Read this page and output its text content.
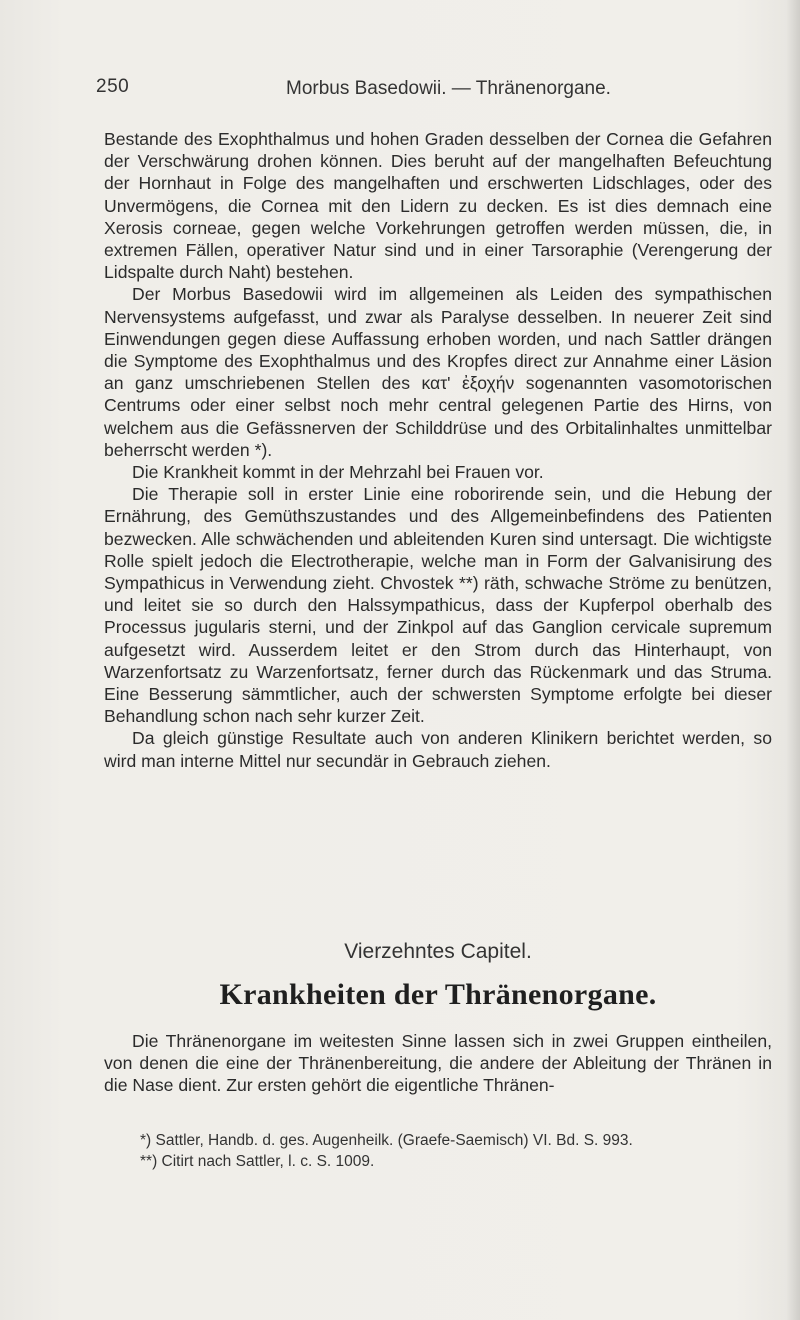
250	Morbus Basedowii. — Thränenorgane.

Bestande des Exophthalmus und hohen Graden desselben der Cornea die Gefahren der Verschwärung drohen können. Dies beruht auf der mangelhaften Befeuchtung der Hornhaut in Folge des mangelhaften und erschwerten Lidschlages, oder des Unvermögens, die Cornea mit den Lidern zu decken. Es ist dies demnach eine Xerosis corneae, gegen welche Vorkehrungen getroffen werden müssen, die, in extremen Fällen, operativer Natur sind und in einer Tarsoraphie (Verengerung der Lidspalte durch Naht) bestehen.

Der Morbus Basedowii wird im allgemeinen als Leiden des sympathischen Nervensystems aufgefasst, und zwar als Paralyse desselben. In neuerer Zeit sind Einwendungen gegen diese Auffassung erhoben worden, und nach Sattler drängen die Symptome des Exophthalmus und des Kropfes direct zur Annahme einer Läsion an ganz umschriebenen Stellen des κατ' ἐξοχήν sogenannten vasomotorischen Centrums oder einer selbst noch mehr central gelegenen Partie des Hirns, von welchem aus die Gefässnerven der Schilddrüse und des Orbitalinhaltes unmittelbar beherrscht werden *).

Die Krankheit kommt in der Mehrzahl bei Frauen vor.

Die Therapie soll in erster Linie eine roborirende sein, und die Hebung der Ernährung, des Gemüthszustandes und des Allgemeinbefindens des Patienten bezwecken. Alle schwächenden und ableitenden Kuren sind untersagt. Die wichtigste Rolle spielt jedoch die Electrotherapie, welche man in Form der Galvanisirung des Sympathicus in Verwendung zieht. Chvostek **) räth, schwache Ströme zu benützen, und leitet sie so durch den Halssympathicus, dass der Kupferpol oberhalb des Processus jugularis sterni, und der Zinkpol auf das Ganglion cervicale supremum aufgesetzt wird. Ausserdem leitet er den Strom durch das Hinterhaupt, von Warzenfortsatz zu Warzenfortsatz, ferner durch das Rückenmark und das Struma. Eine Besserung sämmtlicher, auch der schwersten Symptome erfolgte bei dieser Behandlung schon nach sehr kurzer Zeit.

Da gleich günstige Resultate auch von anderen Klinikern berichtet werden, so wird man interne Mittel nur secundär in Gebrauch ziehen.

Vierzehntes Capitel.
Krankheiten der Thränenorgane.

Die Thränenorgane im weitesten Sinne lassen sich in zwei Gruppen eintheilen, von denen die eine der Thränenbereitung, die andere der Ableitung der Thränen in die Nase dient. Zur ersten gehört die eigentliche Thränen-

*) Sattler, Handb. d. ges. Augenheilk. (Graefe-Saemisch) VI. Bd. S. 993.

**) Citirt nach Sattler, l. c. S. 1009.
